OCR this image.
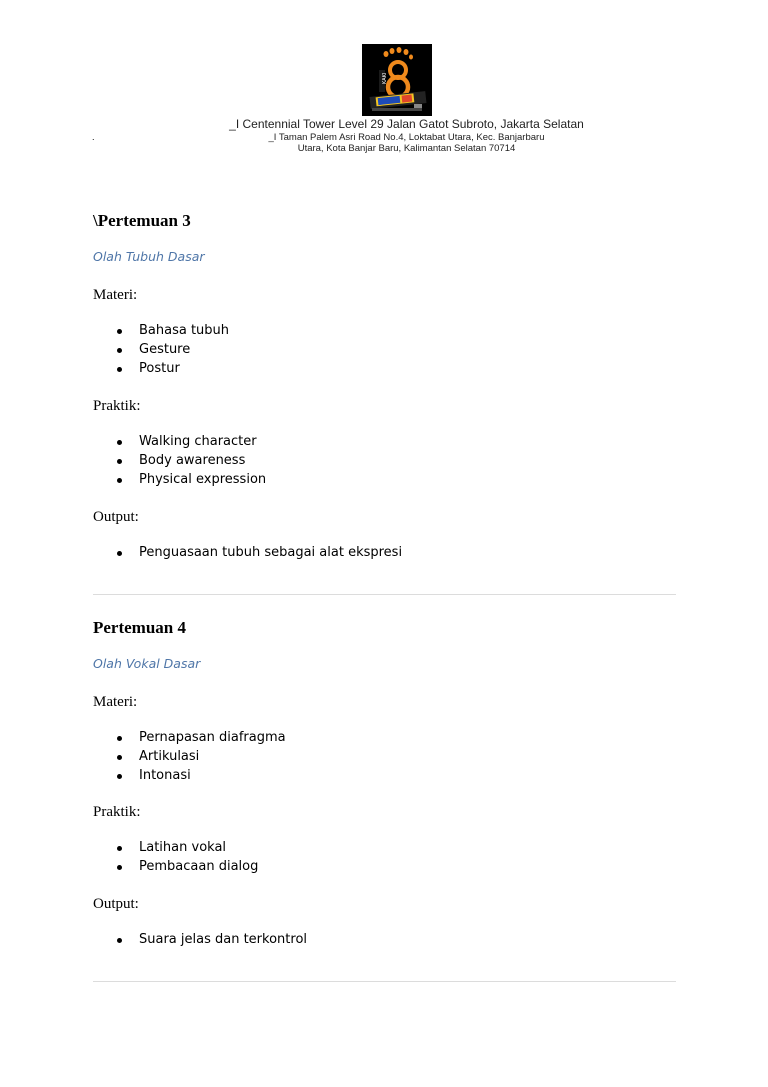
KAKI
_I Centennial Tower Level 29 Jalan Gatot Subroto, Jakarta Selatan
.	_I Taman Palem Asri Road No.4, Loktabat Utara, Kec. Banjarbaru
Utara, Kota Banjar Baru, Kalimantan Selatan 70714
\Pertemuan 3

Olah Tubuh Dasar

Materi:

Bahasa tubuh
Gesture
Postur

Praktik:

Walking character
Body awareness
Physical expression

Output:

Penguasaan tubuh sebagai alat ekspresi
Pertemuan 4

Olah Vokal Dasar

Materi:

Pernapasan diafragma
Artikulasi
Intonasi

Praktik:

Latihan vokal
Pembacaan dialog

Output:

Suara jelas dan terkontrol
